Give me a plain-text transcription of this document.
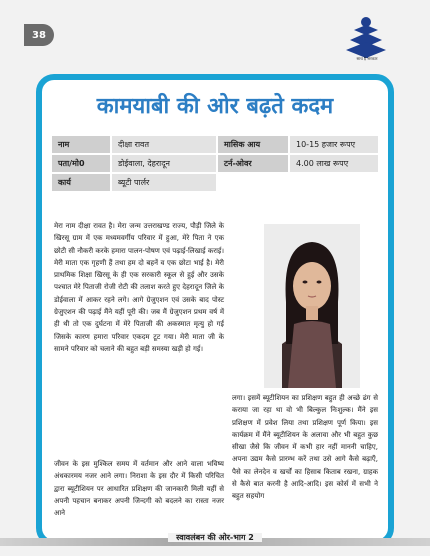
38
साथ है सरकार
कामयाबी की ओर बढ़ते कदम
नाम	दीक्षा रावत	मासिक आय	10-15 हजार रूपए
पता/मो0	डोईवाला, देहरादून	टर्न-ओवर	4.00 लाख रूपए
कार्य	ब्यूटी पार्लर
मेरा नाम दीक्षा रावत है। मेरा जन्म उत्तराखण्ड राज्य, पौड़ी जिले के खिरसू ग्राम में एक मध्यमवर्गीय परिवार में हुआ, मेरे पिता ने एक छोटी सी नौकरी करके हमारा पालन-पोषण एवं पढ़ाई-लिखाई कराई। मेरी माता एक गृहणी हैं तथा हम दो बहनें व एक छोटा भाई है। मेरी प्राथमिक शिक्षा खिरसू के ही एक सरकारी स्कूल से हुई और उसके पश्चात मेरे पिताजी रोजी रोटी की तलाश करते हुए देहरादून जिले के डोईवाला में आकर रहने लगे। आगे ग्रेजुएशन एवं उसके बाद पोस्ट ग्रेजुएशन की पढ़ाई मैंने यहीं पूरी की। जब मैं ग्रेजुएशन प्रथम वर्ष में ही थी तो एक दुर्घटना में मेरे पिताजी की अकस्मात मृत्यु हो गई जिसके कारण हमारा परिवार एकदम टूट गया। मेरी माता जी के सामने परिवार को चलाने की बहुत बड़ी समस्या खड़ी हो गई।
जीवन के इस मुश्किल समय में वर्तमान और आने वाला भविष्य अंधकारमय नजर आने लगा। निराशा के इस दौर में किसी परिचित द्वारा ब्यूटीशियन पर आधारित प्रशिक्षण की जानकारी मिली यहीं से अपनी पहचान बनाकर अपनी जिन्दगी को बदलने का रास्ता नजर आने
लगा। इसमें ब्यूटीशियन का प्रशिक्षण बहुत ही अच्छे ढंग से कराया जा रहा था वो भी बिल्कुल निःशुल्क। मैंने इस प्रशिक्षण में प्रवेश लिया तथा प्रशिक्षण पूर्ण किया। इस कार्यक्रम में मैंने ब्यूटीशियन के अलावा और भी बहुत कुछ सीखा जैसे कि जीवन में कभी हार नहीं माननी चाहिए, अपना उद्यम कैसे प्रारम्भ करें तथा उसे आगे कैसे बढ़ाएँ, पैसे का लेनदेन व खर्चों का हिसाब किताब रखना, ग्राहक से कैसे बात करनी है आदि-आदि। इस कोर्स में सभी ने बहुत सहयोग
स्वावलंबन की ओर-भाग 2
